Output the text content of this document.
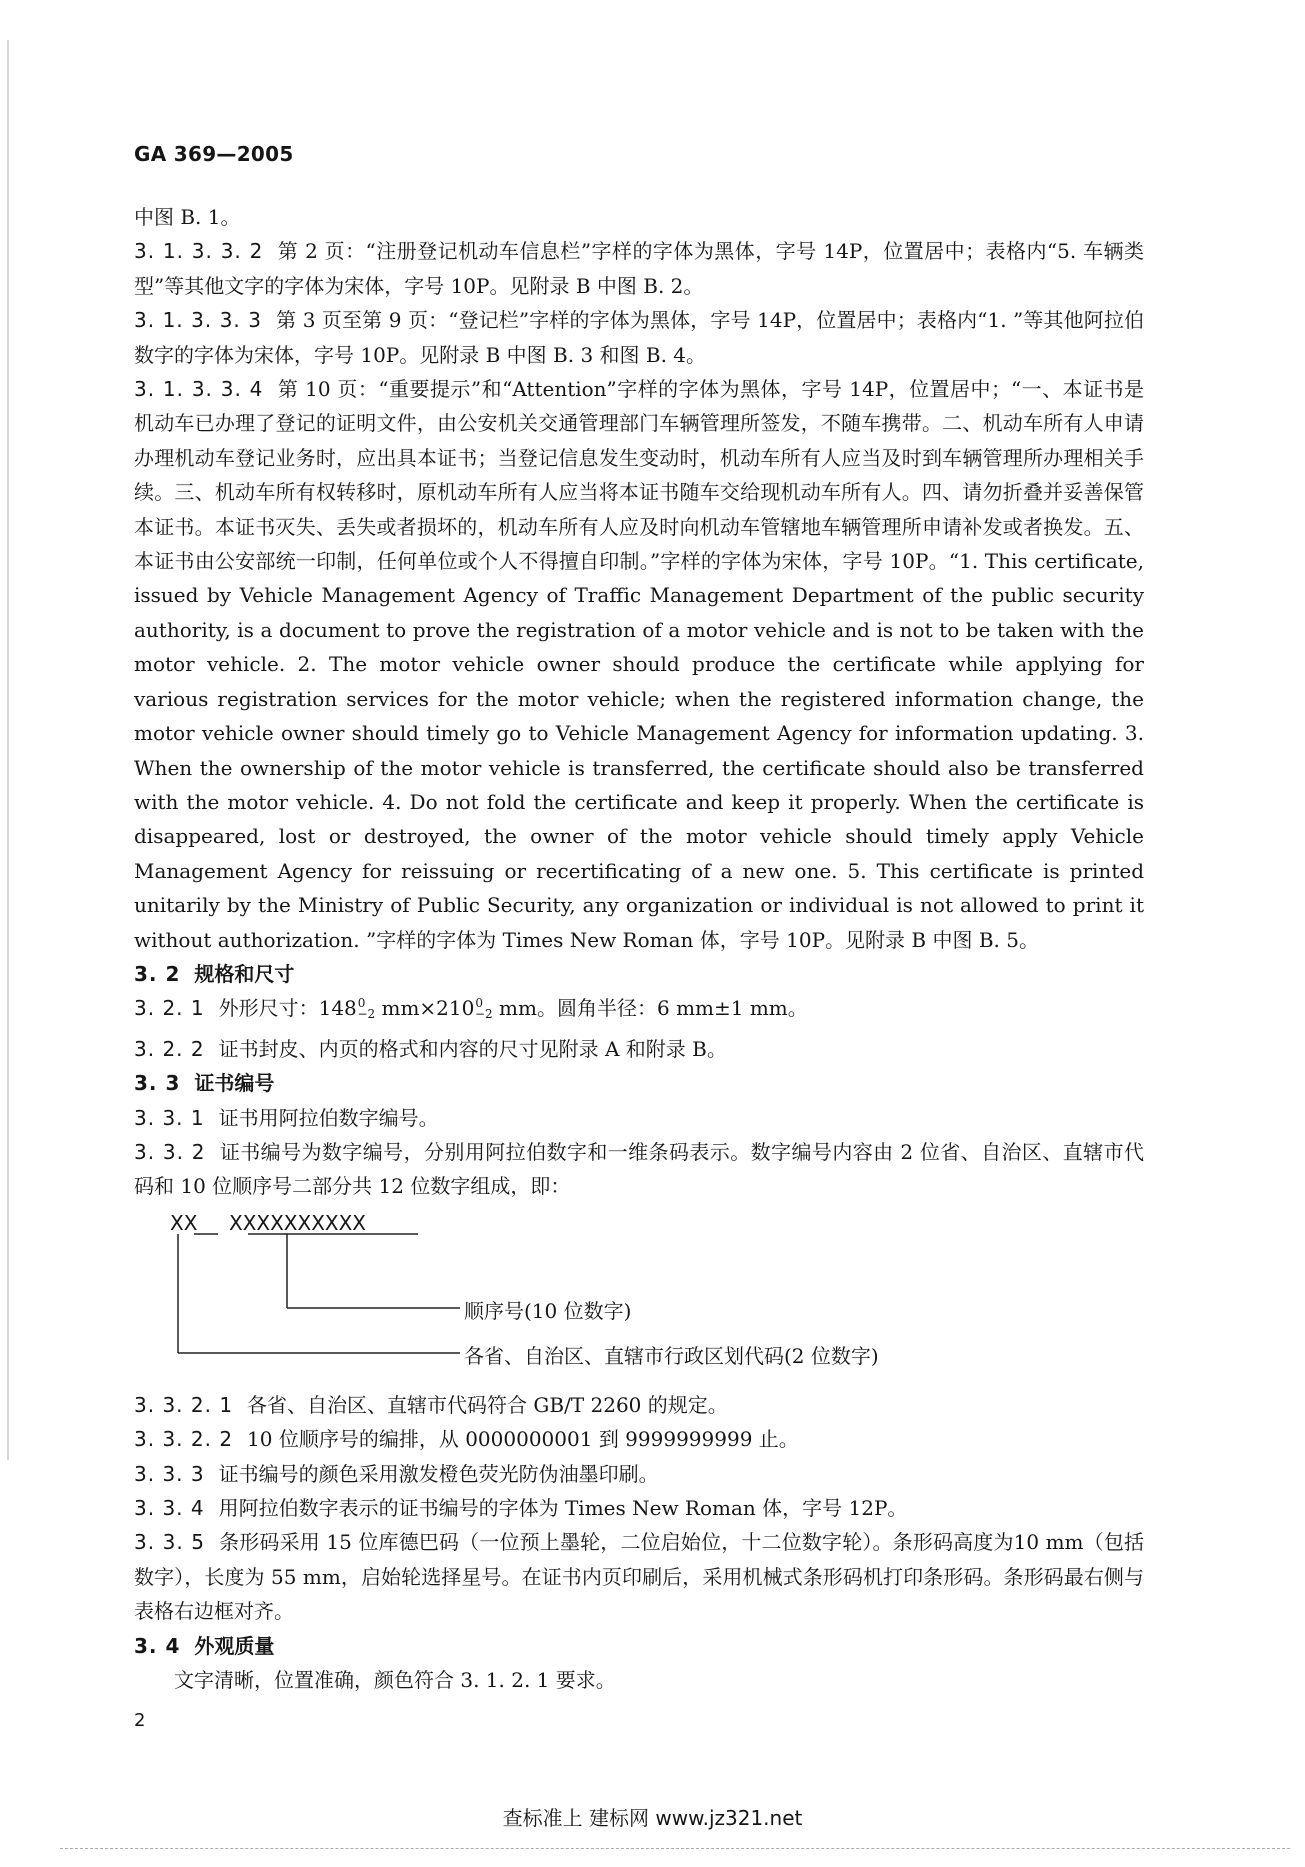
GA 369—2005

中图 B. 1。

3. 1. 3. 3. 2 第 2 页：“注册登记机动车信息栏”字样的字体为黑体，字号 14P，位置居中；表格内“5. 车辆类型”等其他文字的字体为宋体，字号 10P。见附录 B 中图 B. 2。

3. 1. 3. 3. 3 第 3 页至第 9 页：“登记栏”字样的字体为黑体，字号 14P，位置居中；表格内“1. ”等其他阿拉伯数字的字体为宋体，字号 10P。见附录 B 中图 B. 3 和图 B. 4。

3. 1. 3. 3. 4 第 10 页：“重要提示”和“Attention”字样的字体为黑体，字号 14P，位置居中；“一、本证书是机动车已办理了登记的证明文件，由公安机关交通管理部门车辆管理所签发，不随车携带。二、机动车所有人申请办理机动车登记业务时，应出具本证书；当登记信息发生变动时，机动车所有人应当及时到车辆管理所办理相关手续。三、机动车所有权转移时，原机动车所有人应当将本证书随车交给现机动车所有人。四、请勿折叠并妥善保管本证书。本证书灭失、丢失或者损坏的，机动车所有人应及时向机动车管辖地车辆管理所申请补发或者换发。五、本证书由公安部统一印制，任何单位或个人不得擅自印制。”字样的字体为宋体，字号 10P。“1. This certificate, issued by Vehicle Management Agency of Traffic Management Department of the public security authority, is a document to prove the registration of a motor vehicle and is not to be taken with the motor vehicle. 2. The motor vehicle owner should produce the certificate while applying for various registration services for the motor vehicle; when the registered information change, the motor vehicle owner should timely go to Vehicle Management Agency for information updating. 3. When the ownership of the motor vehicle is transferred, the certificate should also be transferred with the motor vehicle. 4. Do not fold the certificate and keep it properly. When the certificate is disappeared, lost or destroyed, the owner of the motor vehicle should timely apply Vehicle Management Agency for reissuing or recertificating of a new one. 5. This certificate is printed unitarily by the Ministry of Public Security, any organization or individual is not allowed to print it without authorization. ”字样的字体为 Times New Roman 体，字号 10P。见附录 B 中图 B. 5。

3. 2 规格和尺寸

3. 2. 1 外形尺寸：$148^0_{-2}$ $mm\times 210^0_{-2}$ mm。圆角半径：6 mm±1 mm。

3. 2. 2 证书封皮、内页的格式和内容的尺寸见附录 A 和附录 B。

3. 3 证书编号

3. 3. 1 证书用阿拉伯数字编号。

3. 3. 2 证书编号为数字编号，分别用阿拉伯数字和一维条码表示。数字编号内容由 2 位省、自治区、直辖市代码和 10 位顺序号二部分共 12 位数字组成，即：

XX XXXXXXXXXX
顺序号(10 位数字)
各省、自治区、直辖市行政区划代码(2 位数字)

3. 3. 2. 1 各省、自治区、直辖市代码符合 GB/T 2260 的规定。

3. 3. 2. 2 10 位顺序号的编排，从 0000000001 到 9999999999 止。

3. 3. 3 证书编号的颜色采用激发橙色荧光防伪油墨印刷。

3. 3. 4 用阿拉伯数字表示的证书编号的字体为 Times New Roman 体，字号 12P。

3. 3. 5 条形码采用 15 位库德巴码（一位预上墨轮，二位启始位，十二位数字轮）。条形码高度为10 mm（包括数字），长度为 55 mm，启始轮选择星号。在证书内页印刷后，采用机械式条形码机打印条形码。条形码最右侧与表格右边框对齐。

3. 4 外观质量

文字清晰，位置准确，颜色符合 3. 1. 2. 1 要求。

2
查标准上 建标网 www.jz321.net
